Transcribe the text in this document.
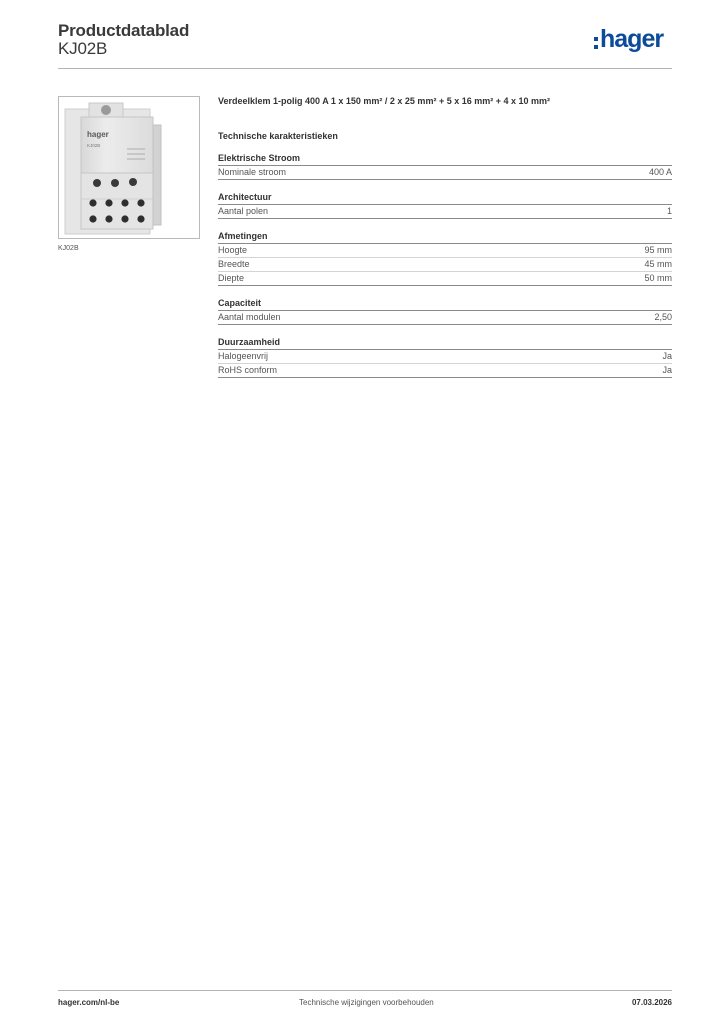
Productdatablad
KJ02B	hager
hager
KJ02B
KJ02B
Verdeelklem 1-polig 400 A 1 x 150 mm² / 2 x 25 mm² + 5 x 16 mm² + 4 x 10 mm²
Technische karakteristieken
Elektrische Stroom
Nominale stroom	400 A
Architectuur
Aantal polen	1
Afmetingen
Hoogte	95 mm
Breedte	45 mm
Diepte	50 mm
Capaciteit
Aantal modulen	2,50
Duurzaamheid
Halogeenvrij	Ja
RoHS conform	Ja
hager.com/nl-be	Technische wijzigingen voorbehouden	07.03.2026
